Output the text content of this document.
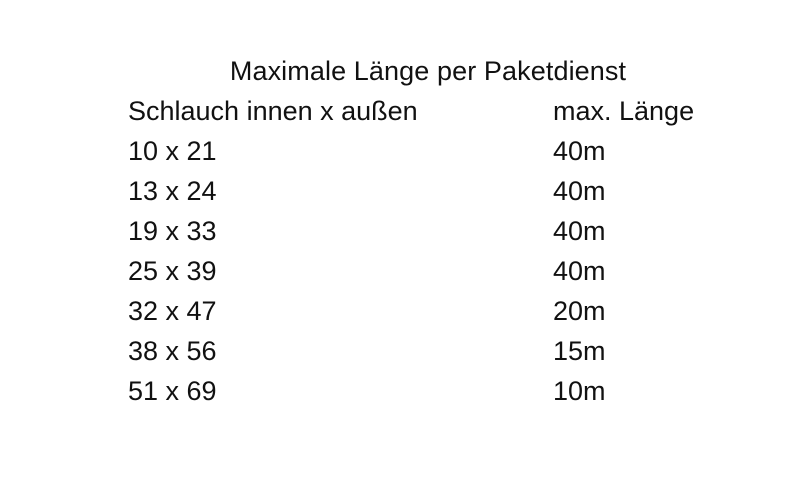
Maximale Länge per Paketdienst
Schlauch innen x außen	max. Länge
10 x 21	40m
13 x 24	40m
19 x 33	40m
25 x 39	40m
32 x 47	20m
38 x 56	15m
51 x 69	10m
